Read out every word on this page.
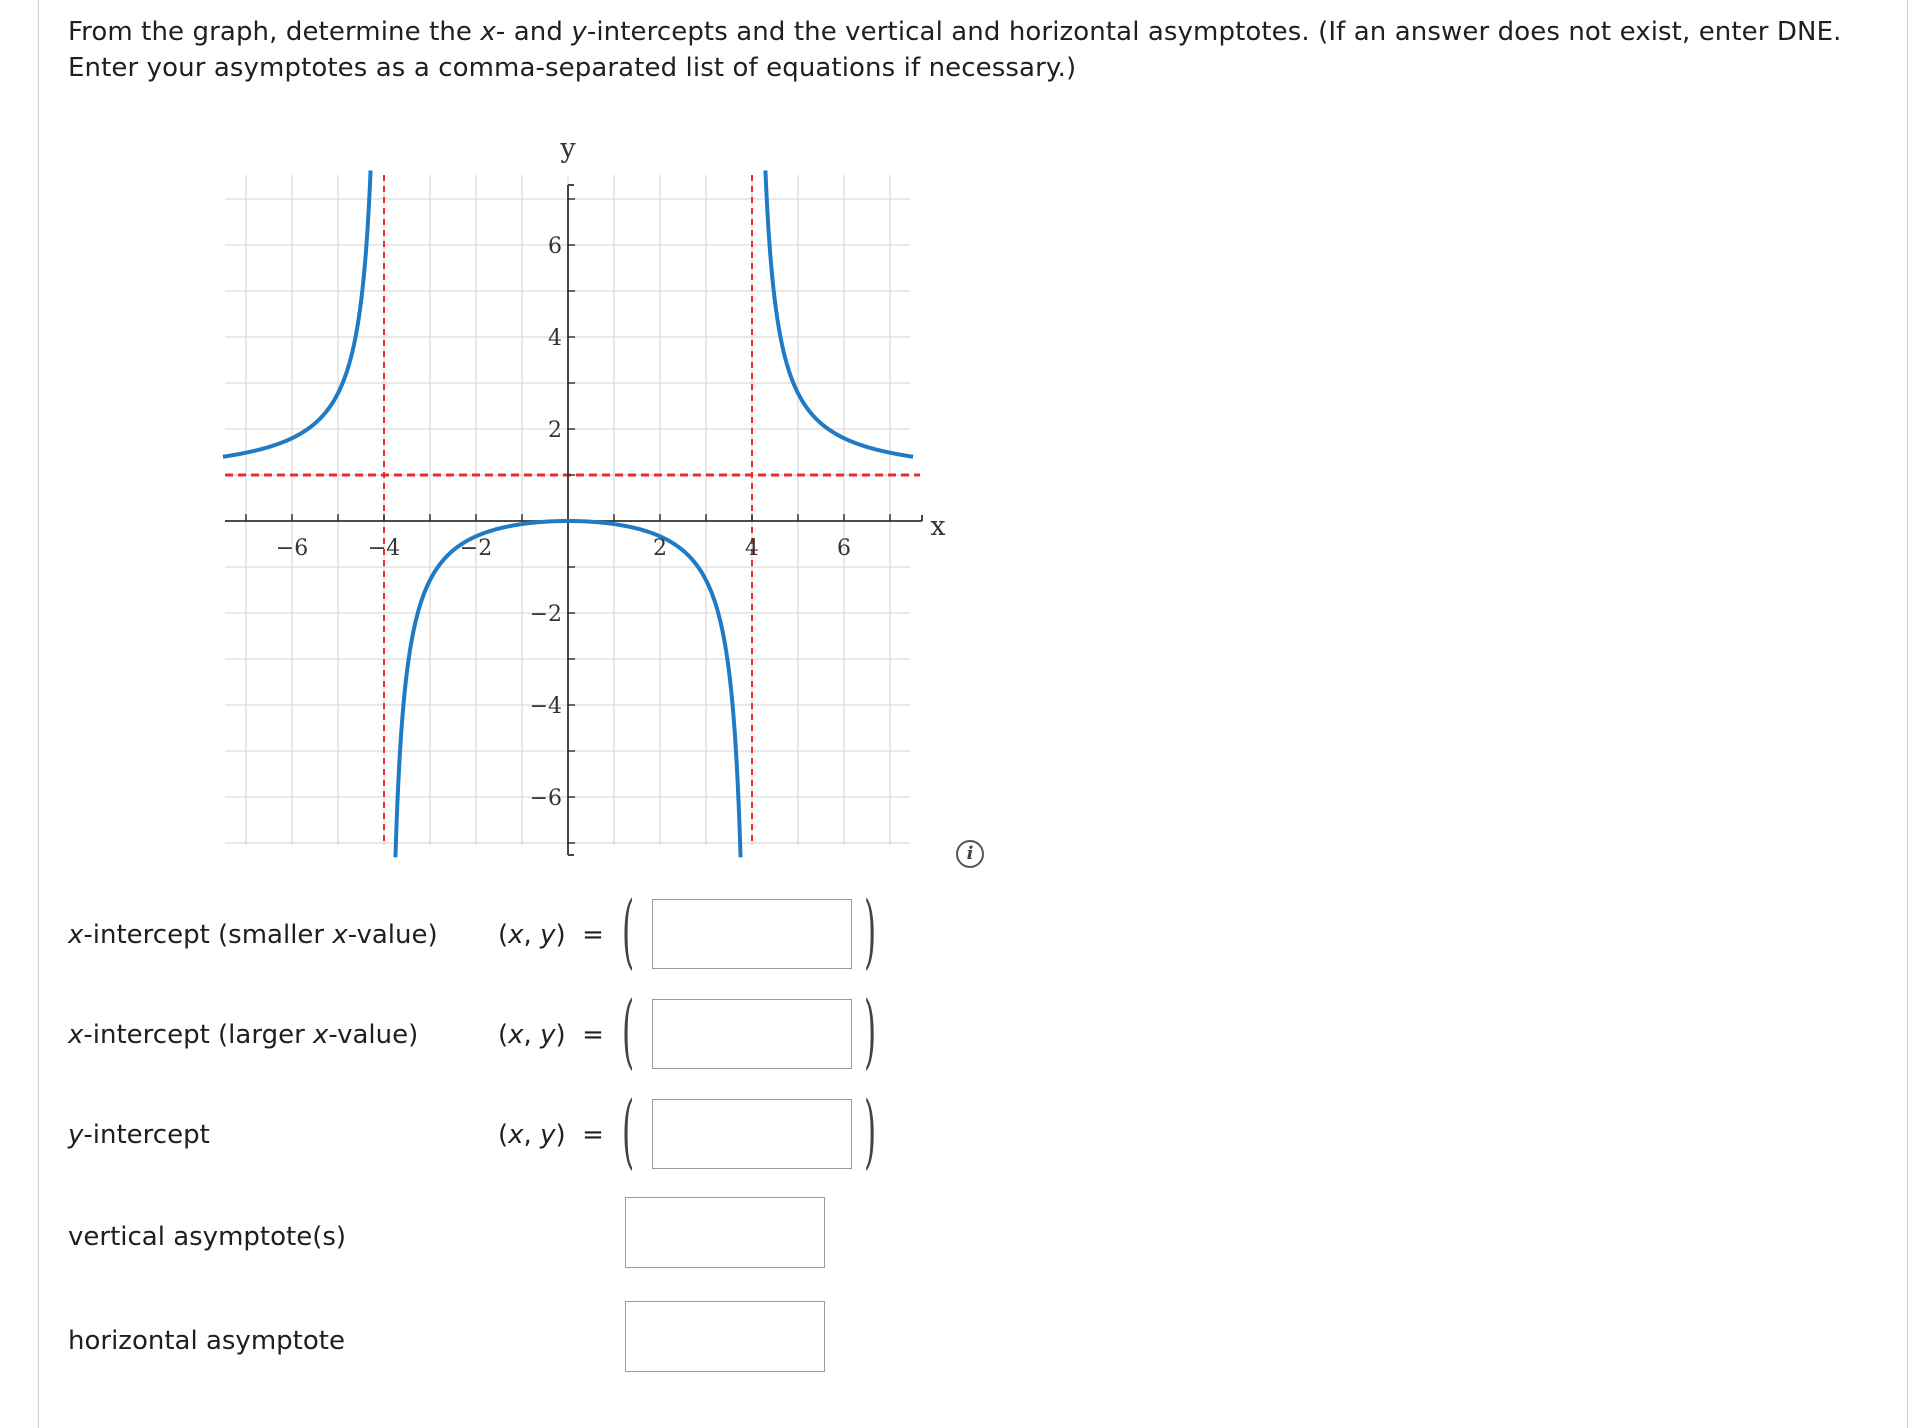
From the graph, determine the x- and y-intercepts and the vertical and horizontal asymptotes. (If an answer does not exist, enter DNE.
Enter your asymptotes as a comma-separated list of equations if necessary.)
−6	−4	−2	2	4	6
6
4
2
−2
−4
−6
x
y
i
x-intercept (smaller x-value) (x, y) = (	)
x-intercept (larger x-value)	(x, y) = (	)
y-intercept	(x, y) = (	)
vertical asymptote(s)
horizontal asymptote
